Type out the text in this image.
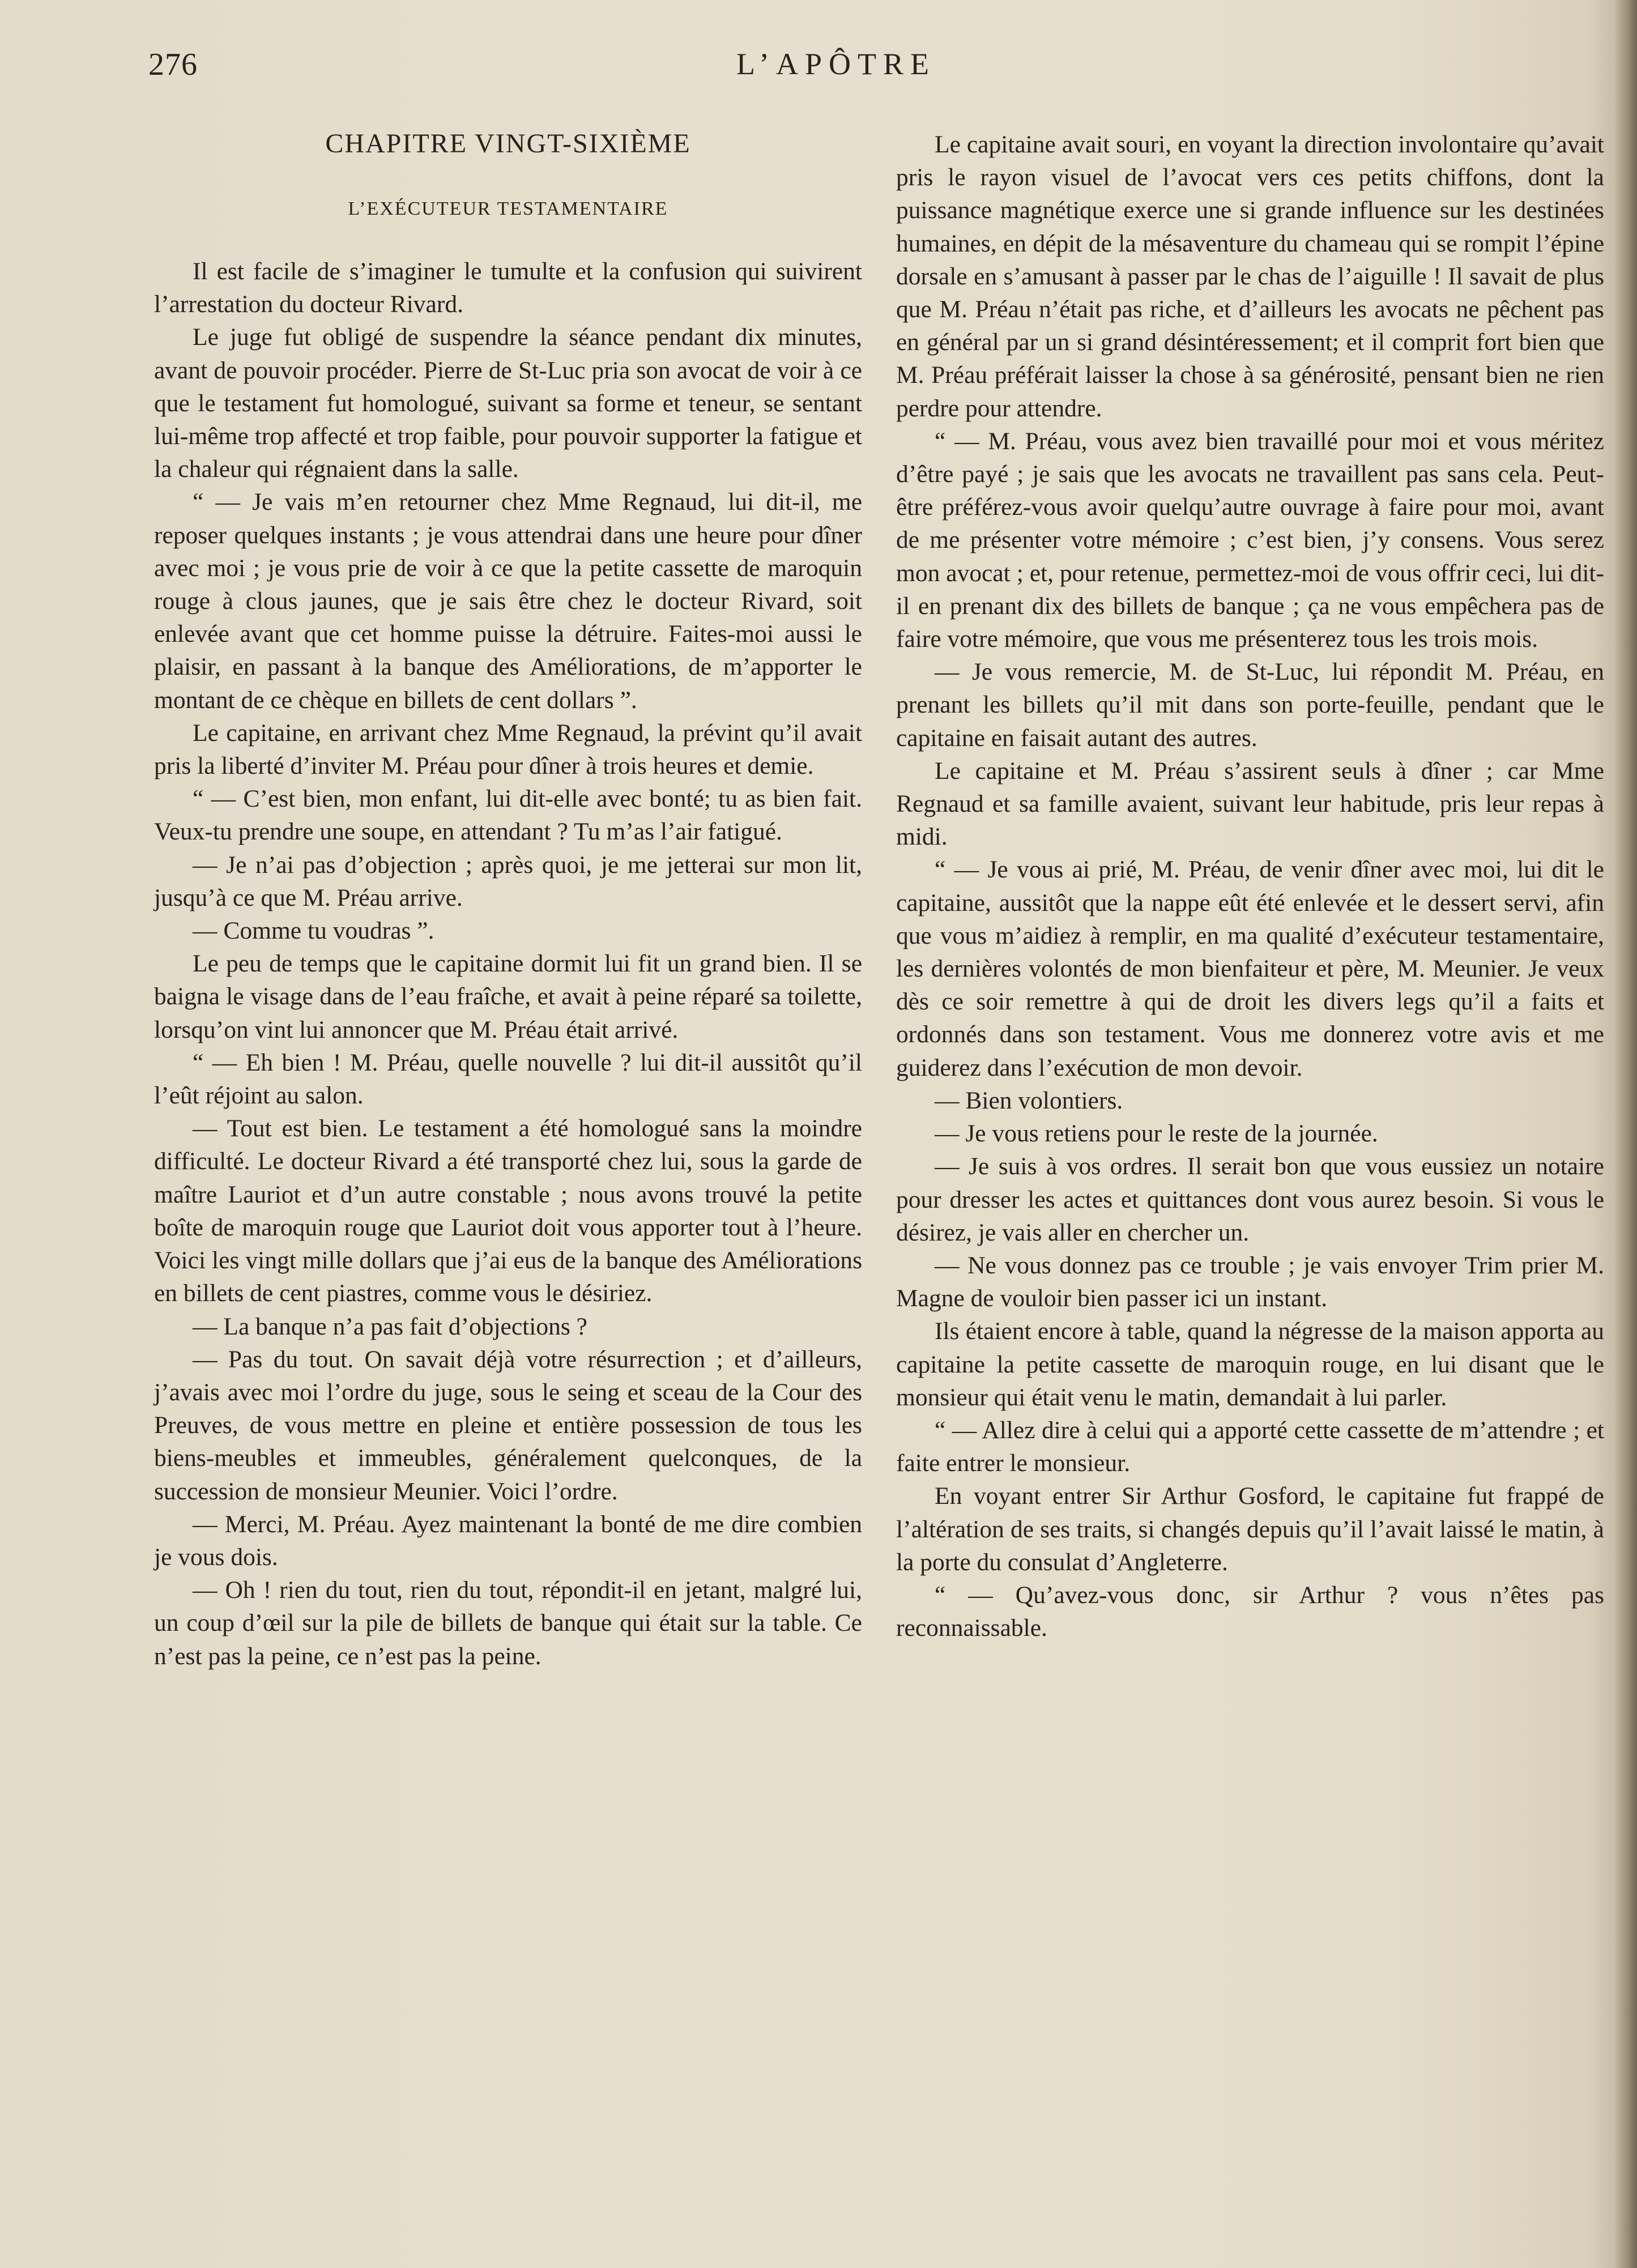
276	L’APÔTRE
CHAPITRE VINGT-SIXIÈME
L’EXÉCUTEUR TESTAMENTAIRE

Il est facile de s’imaginer le tumulte et la confusion qui suivirent l’arrestation du docteur Rivard.

Le juge fut obligé de suspendre la séance pendant dix minutes, avant de pouvoir procéder. Pierre de St-Luc pria son avocat de voir à ce que le testament fut homologué, suivant sa forme et teneur, se sentant lui-même trop affecté et trop faible, pour pouvoir supporter la fatigue et la chaleur qui régnaient dans la salle.

“ — Je vais m’en retourner chez Mme Regnaud, lui dit-il, me reposer quelques instants ; je vous attendrai dans une heure pour dîner avec moi ; je vous prie de voir à ce que la petite cassette de maroquin rouge à clous jaunes, que je sais être chez le docteur Rivard, soit enlevée avant que cet homme puisse la détruire. Faites-moi aussi le plaisir, en passant à la banque des Améliorations, de m’apporter le montant de ce chèque en billets de cent dollars ”.

Le capitaine, en arrivant chez Mme Regnaud, la prévint qu’il avait pris la liberté d’inviter M. Préau pour dîner à trois heures et demie.

“ — C’est bien, mon enfant, lui dit-elle avec bonté; tu as bien fait. Veux-tu prendre une soupe, en attendant ? Tu m’as l’air fatigué.

— Je n’ai pas d’objection ; après quoi, je me jetterai sur mon lit, jusqu’à ce que M. Préau arrive.

— Comme tu voudras ”.

Le peu de temps que le capitaine dormit lui fit un grand bien. Il se baigna le visage dans de l’eau fraîche, et avait à peine réparé sa toilette, lorsqu’on vint lui annoncer que M. Préau était arrivé.

“ — Eh bien ! M. Préau, quelle nouvelle ? lui dit-il aussitôt qu’il l’eût réjoint au salon.

— Tout est bien. Le testament a été homologué sans la moindre difficulté. Le docteur Rivard a été transporté chez lui, sous la garde de maître Lauriot et d’un autre constable ; nous avons trouvé la petite boîte de maroquin rouge que Lauriot doit vous apporter tout à l’heure. Voici les vingt mille dollars que j’ai eus de la banque des Améliorations en billets de cent piastres, comme vous le désiriez.

— La banque n’a pas fait d’objections ?

— Pas du tout. On savait déjà votre résurrection ; et d’ailleurs, j’avais avec moi l’ordre du juge, sous le seing et sceau de la Cour des Preuves, de vous mettre en pleine et entière possession de tous les biens-meubles et immeubles, généralement quelconques, de la succession de monsieur Meunier. Voici l’ordre.

— Merci, M. Préau. Ayez maintenant la bonté de me dire combien je vous dois.

— Oh ! rien du tout, rien du tout, répondit-il en jetant, malgré lui, un coup d’œil sur la pile de billets de banque qui était sur la table. Ce n’est pas la peine, ce n’est pas la peine.

Le capitaine avait souri, en voyant la direction involontaire qu’avait pris le rayon visuel de l’avocat vers ces petits chiffons, dont la puissance magnétique exerce une si grande influence sur les destinées humaines, en dépit de la mésaventure du chameau qui se rompit l’épine dorsale en s’amusant à passer par le chas de l’aiguille ! Il savait de plus que M. Préau n’était pas riche, et d’ailleurs les avocats ne pêchent pas en général par un si grand désintéressement; et il comprit fort bien que M. Préau préférait laisser la chose à sa générosité, pensant bien ne rien perdre pour attendre.

“ — M. Préau, vous avez bien travaillé pour moi et vous méritez d’être payé ; je sais que les avocats ne travaillent pas sans cela. Peut-être préférez-vous avoir quelqu’autre ouvrage à faire pour moi, avant de me présenter votre mémoire ; c’est bien, j’y consens. Vous serez mon avocat ; et, pour retenue, permettez-moi de vous offrir ceci, lui dit-il en prenant dix des billets de banque ; ça ne vous empêchera pas de faire votre mémoire, que vous me présenterez tous les trois mois.

— Je vous remercie, M. de St-Luc, lui répondit M. Préau, en prenant les billets qu’il mit dans son porte-feuille, pendant que le capitaine en faisait autant des autres.

Le capitaine et M. Préau s’assirent seuls à dîner ; car Mme Regnaud et sa famille avaient, suivant leur habitude, pris leur repas à midi.

“ — Je vous ai prié, M. Préau, de venir dîner avec moi, lui dit le capitaine, aussitôt que la nappe eût été enlevée et le dessert servi, afin que vous m’aidiez à remplir, en ma qualité d’exécuteur testamentaire, les dernières volontés de mon bienfaiteur et père, M. Meunier. Je veux dès ce soir remettre à qui de droit les divers legs qu’il a faits et ordonnés dans son testament. Vous me donnerez votre avis et me guiderez dans l’exécution de mon devoir.

— Bien volontiers.

— Je vous retiens pour le reste de la journée.

— Je suis à vos ordres. Il serait bon que vous eussiez un notaire pour dresser les actes et quittances dont vous aurez besoin. Si vous le désirez, je vais aller en chercher un.

— Ne vous donnez pas ce trouble ; je vais envoyer Trim prier M. Magne de vouloir bien passer ici un instant.

Ils étaient encore à table, quand la négresse de la maison apporta au capitaine la petite cassette de maroquin rouge, en lui disant que le monsieur qui était venu le matin, demandait à lui parler.

“ — Allez dire à celui qui a apporté cette cassette de m’attendre ; et faite entrer le monsieur.

En voyant entrer Sir Arthur Gosford, le capitaine fut frappé de l’altération de ses traits, si changés depuis qu’il l’avait laissé le matin, à la porte du consulat d’Angleterre.

“ — Qu’avez-vous donc, sir Arthur ? vous n’êtes pas reconnaissable.
